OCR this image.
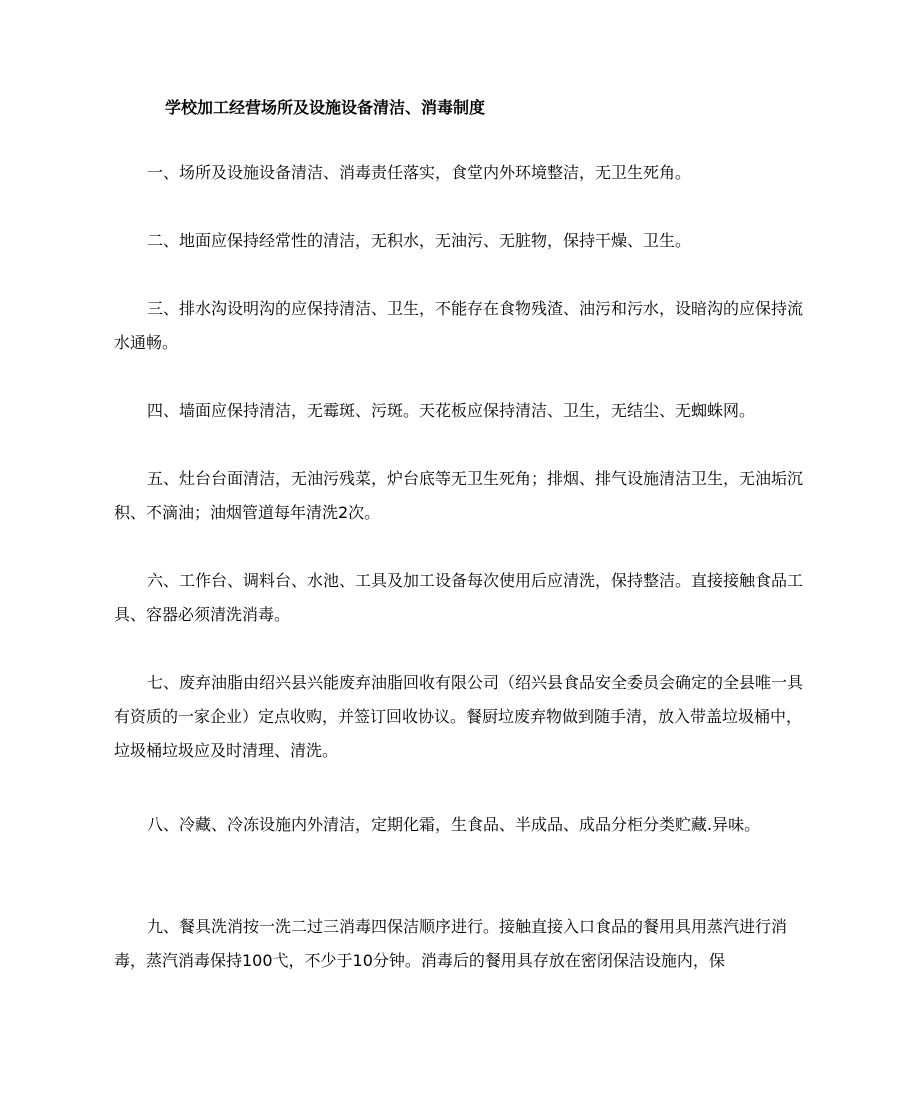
学校加工经营场所及设施设备清洁、消毒制度

一、场所及设施设备清洁、消毒责任落实，食堂内外环境整洁，无卫生死角。

二、地面应保持经常性的清洁，无积水，无油污、无脏物，保持干燥、卫生。

三、排水沟设明沟的应保持清洁、卫生，不能存在食物残渣、油污和污水，设暗沟的应保持流水通畅。

四、墙面应保持清洁，无霉斑、污斑。天花板应保持清洁、卫生，无结尘、无蜘蛛网。

五、灶台台面清洁，无油污残菜，炉台底等无卫生死角；排烟、排气设施清洁卫生，无油垢沉积、不滴油；油烟管道每年清洗2次。

六、工作台、调料台、水池、工具及加工设备每次使用后应清洗，保持整洁。直接接触食品工具、容器必须清洗消毒。

七、废弃油脂由绍兴县兴能废弃油脂回收有限公司（绍兴县食品安全委员会确定的全县唯一具有资质的一家企业）定点收购，并签订回收协议。餐厨垃废弃物做到随手清，放入带盖垃圾桶中，垃圾桶垃圾应及时清理、清洗。

八、冷藏、冷冻设施内外清洁，定期化霜，生食品、半成品、成品分柜分类贮藏.异味。

九、餐具洗消按一洗二过三消毒四保洁顺序进行。接触直接入口食品的餐用具用蒸汽进行消毒，蒸汽消毒保持100弋，不少于10分钟。消毒后的餐用具存放在密闭保洁设施内，保
